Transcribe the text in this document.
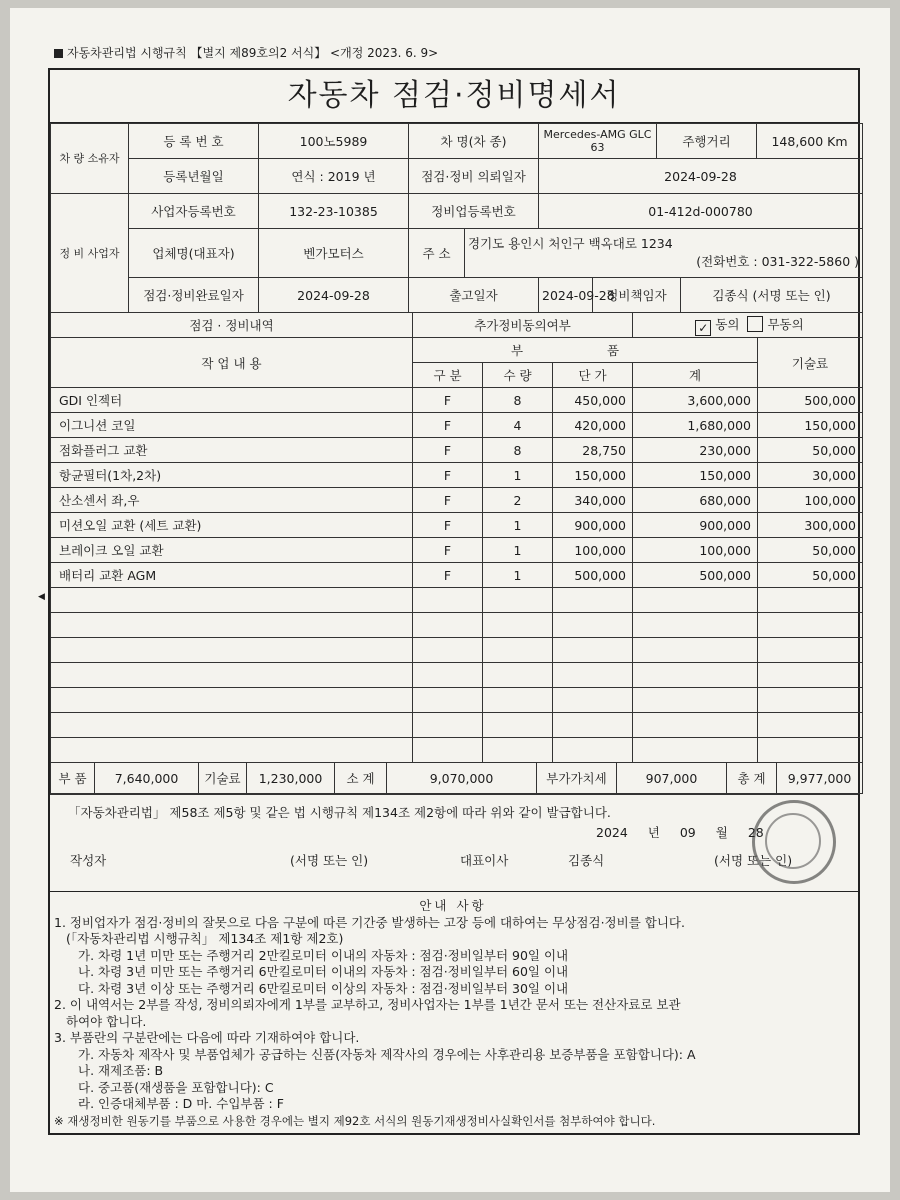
자동차관리법 시행규칙 【별지 제89호의2 서식】 <개정 2023. 6. 9>
자동차 점검·정비명세서
차 량 소유자	등 록 번 호	100노5989	차 명(차 종)	Mercedes-AMG GLC 63	주행거리	148,600 Km
	등록년월일	연식 : 2019 년	점검·정비 의뢰일자	2024-09-28		
정 비 사업자	사업자등록번호	132-23-10385	정비업등록번호		01-412d-000780		
	업체명(대표자)	벤가모터스	주 소	경기도 용인시 처인구 백옥대로 1234

(전화번호 : 031-322-5860 )			

	점검·정비완료일자	2024-09-28	출고일자		2024-09-28	정비책임자	김종식 (서명 또는 인)
점검 · 정비내역	추가정비동의여부			✓ 동의 무동의	
작 업 내 용	부 품				기술료
	구 분	수 량	단 가	계	
GDI 인젝터	F	8	450,000	3,600,000	500,000
이그니션 코일	F	4	420,000	1,680,000	150,000
점화플러그 교환	F	8	28,750	230,000	50,000
항균필터(1차,2차)	F	1	150,000	150,000	30,000
산소센서 좌,우	F	2	340,000	680,000	100,000
미션오일 교환 (세트 교환)	F	1	900,000	900,000	300,000
브레이크 오일 교환	F	1	100,000	100,000	50,000
배터리 교환 AGM	F	1	500,000	500,000	50,000

부 품	7,640,000	기술료	1,230,000	소 계	9,070,000	부가가치세	907,000	총 계	9,977,000
「자동차관리법」 제58조 제5항 및 같은 법 시행규칙 제134조 제2항에 따라 위와 같이 발급합니다.
2024 년 09 월 28
작성자	(서명 또는 인)	대표이사	김종식	(서명 또는 인)

안내 사항

1. 정비업자가 점검·정비의 잘못으로 다음 구분에 따른 기간중 발생하는 고장 등에 대하여는 무상점검·정비를 합니다.

(「자동차관리법 시행규칙」 제134조 제1항 제2호)

가. 차령 1년 미만 또는 주행거리 2만킬로미터 이내의 자동차 : 점검·정비일부터 90일 이내

나. 차령 3년 미만 또는 주행거리 6만킬로미터 이내의 자동차 : 점검·정비일부터 60일 이내

다. 차령 3년 이상 또는 주행거리 6만킬로미터 이상의 자동차 : 점검·정비일부터 30일 이내

2. 이 내역서는 2부를 작성, 정비의뢰자에게 1부를 교부하고, 정비사업자는 1부를 1년간 문서 또는 전산자료로 보관

하여야 합니다.

3. 부품란의 구분란에는 다음에 따라 기재하여야 합니다.

가. 자동차 제작사 및 부품업체가 공급하는 신품(자동차 제작사의 경우에는 사후관리용 보증부품을 포함합니다): A

나. 재제조품: B

다. 중고품(재생품을 포함합니다): C

라. 인증대체부품 : D 마. 수입부품 : F

※ 재생정비한 원동기를 부품으로 사용한 경우에는 별지 제92호 서식의 원동기재생정비사실확인서를 첨부하여야 합니다.

◀
